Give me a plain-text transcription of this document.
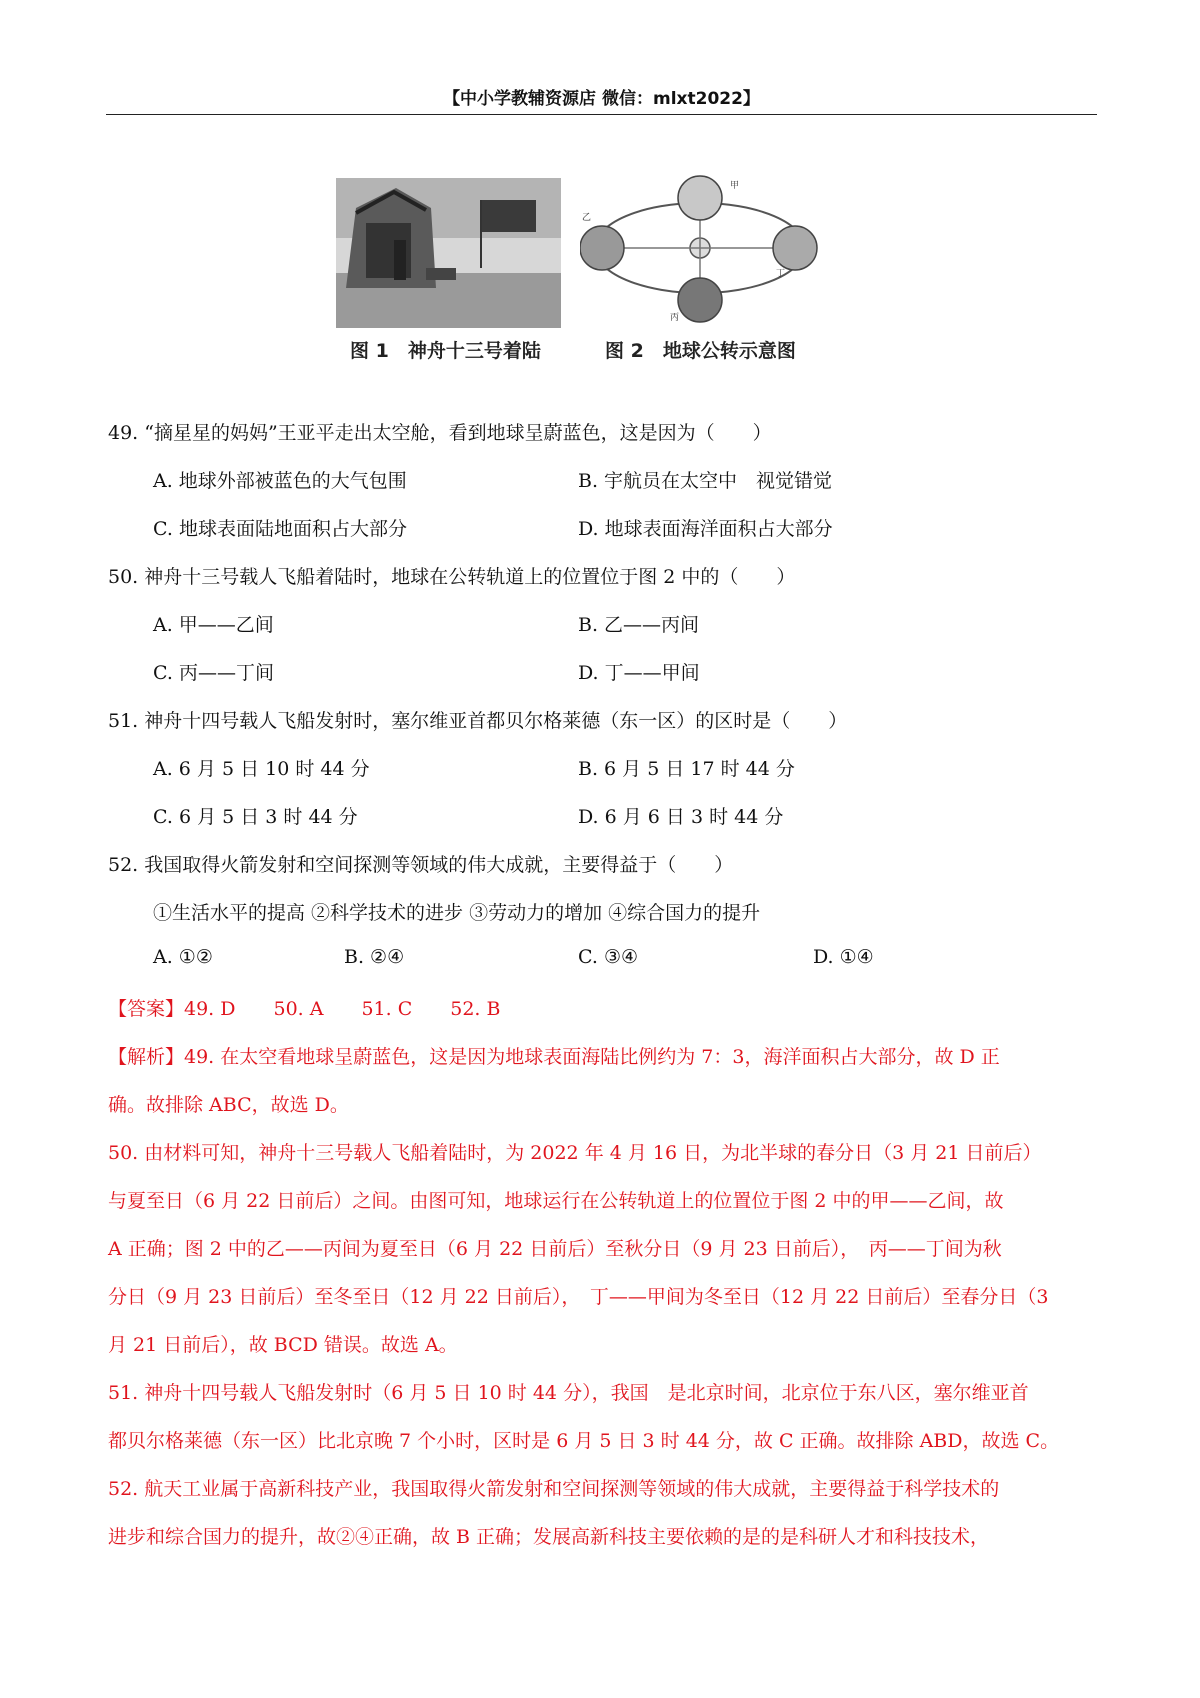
【中小学教辅资源店 微信：mlxt2022】
甲
乙
丙
丁
图 1　神舟十三号着陆	图 2　地球公转示意图
49. “摘星星的妈妈”王亚平走出太空舱，看到地球呈蔚蓝色，这是因为（　　）
A. 地球外部被蓝色的大气包围	B. 宇航员在太空中　视觉错觉
C. 地球表面陆地面积占大部分	D. 地球表面海洋面积占大部分
50. 神舟十三号载人飞船着陆时，地球在公转轨道上的位置位于图 2 中的（　　）
A. 甲——乙间	B. 乙——丙间
C. 丙——丁间	D. 丁——甲间
51. 神舟十四号载人飞船发射时，塞尔维亚首都贝尔格莱德（东一区）的区时是（　　）
A. 6 月 5 日 10 时 44 分	B. 6 月 5 日 17 时 44 分
C. 6 月 5 日 3 时 44 分	D. 6 月 6 日 3 时 44 分
52. 我国取得火箭发射和空间探测等领域的伟大成就，主要得益于（　　）
①生活水平的提高 ②科学技术的进步 ③劳动力的增加 ④综合国力的提升
A. ①②	B. ②④	C. ③④	D. ①④
【答案】49. D　　50. A　　51. C　　52. B
【解析】49. 在太空看地球呈蔚蓝色，这是因为地球表面海陆比例约为 7：3，海洋面积占大部分，故 D 正
确。故排除 ABC，故选 D。
50. 由材料可知，神舟十三号载人飞船着陆时，为 2022 年 4 月 16 日，为北半球的春分日（3 月 21 日前后）
与夏至日（6 月 22 日前后）之间。由图可知，地球运行在公转轨道上的位置位于图 2 中的甲——乙间，故
A 正确；图 2 中的乙——丙间为夏至日（6 月 22 日前后）至秋分日（9 月 23 日前后），　丙——丁间为秋
分日（9 月 23 日前后）至冬至日（12 月 22 日前后），　丁——甲间为冬至日（12 月 22 日前后）至春分日（3
月 21 日前后），故 BCD 错误。故选 A。
51. 神舟十四号载人飞船发射时（6 月 5 日 10 时 44 分），我国　是北京时间，北京位于东八区，塞尔维亚首
都贝尔格莱德（东一区）比北京晚 7 个小时，区时是 6 月 5 日 3 时 44 分，故 C 正确。故排除 ABD，故选 C。
52. 航天工业属于高新科技产业，我国取得火箭发射和空间探测等领域的伟大成就，主要得益于科学技术的
进步和综合国力的提升，故②④正确，故 B 正确；发展高新科技主要依赖的是的是科研人才和科技技术，
